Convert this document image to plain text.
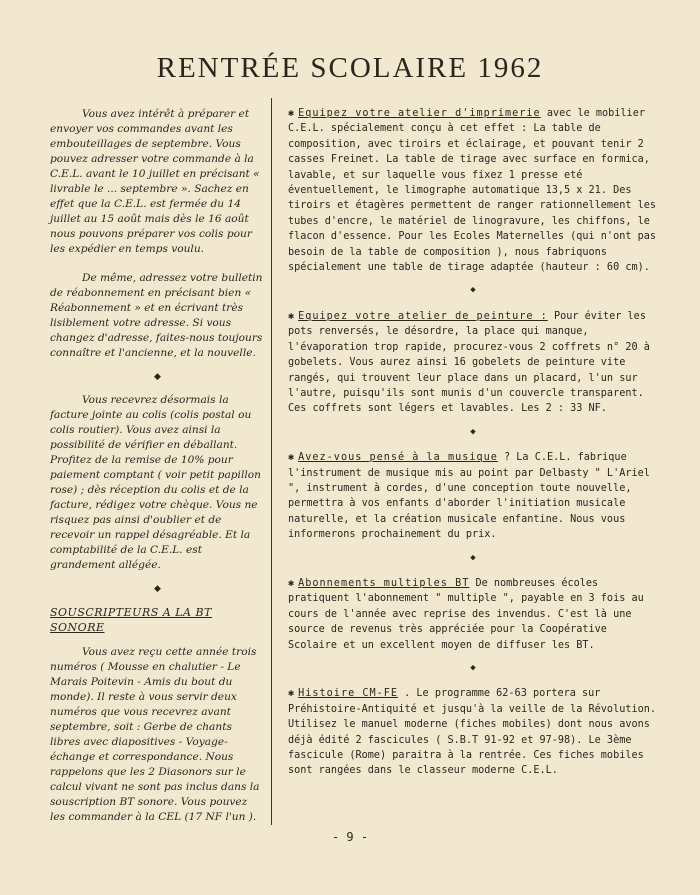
RENTRÉE SCOLAIRE 1962

Vous avez intérêt à préparer et envoyer vos commandes avant les embouteillages de septembre. Vous pouvez adresser votre commande à la C.E.L. avant le 10 juillet en précisant « livrable le ... septembre ». Sachez en effet que la C.E.L. est fermée du 14 juillet au 15 août mais dès le 16 août nous pouvons préparer vos colis pour les expédier en temps voulu.

De même, adressez votre bulletin de réabonnement en précisant bien « Réabonnement » et en écrivant très lisiblement votre adresse. Si vous changez d'adresse, faites-nous toujours connaître et l'ancienne, et la nouvelle.

◆

Vous recevrez désormais la facture jointe au colis (colis postal ou colis routier). Vous avez ainsi la possibilité de vérifier en déballant. Profitez de la remise de 10% pour paiement comptant ( voir petit papillon rose) ; dès réception du colis et de la facture, rédigez votre chèque. Vous ne risquez pas ainsi d'oublier et de recevoir un rappel désagréable. Et la comptabilité de la C.E.L. est grandement allégée.

◆
SOUSCRIPTEURS A LA BT SONORE

Vous avez reçu cette année trois numéros ( Mousse en chalutier - Le Marais Poitevin - Amis du bout du monde). Il reste à vous servir deux numéros que vous recevrez avant septembre, soit : Gerbe de chants libres avec diapositives - Voyage-échange et correspondance. Nous rappelons que les 2 Diasonors sur le calcul vivant ne sont pas inclus dans la souscription BT sonore. Vous pouvez les commander à la CEL (17 NF l'un ).

✱ Equipez votre atelier d'imprimerie avec le mobilier C.E.L. spécialement conçu à cet effet : La table de composition, avec tiroirs et éclairage, et pouvant tenir 2 casses Freinet. La table de tirage avec surface en formica, lavable, et sur laquelle vous fixez 1 presse eté éventuellement, le limographe automatique 13,5 x 21. Des tiroirs et étagères permettent de ranger rationnellement les tubes d'encre, le matériel de linogravure, les chiffons, le flacon d'essence. Pour les Ecoles Maternelles (qui n'ont pas besoin de la table de composition ), nous fabriquons spécialement une table de tirage adaptée (hauteur : 60 cm).
◆
✱ Equipez votre atelier de peinture : Pour éviter les pots renversés, le désordre, la place qui manque, l'évaporation trop rapide, procurez-vous 2 coffrets n° 20 à gobelets. Vous aurez ainsi 16 gobelets de peinture vite rangés, qui trouvent leur place dans un placard, l'un sur l'autre, puisqu'ils sont munis d'un couvercle transparent. Ces coffrets sont légers et lavables. Les 2 : 33 NF.
◆
✱ Avez-vous pensé à la musique ? La C.E.L. fabrique l'instrument de musique mis au point par Delbasty " L'Ariel ", instrument à cordes, d'une conception toute nouvelle, permettra à vos enfants d'aborder l'initiation musicale naturelle, et la création musicale enfantine. Nous vous informerons prochainement du prix.
◆
✱ Abonnements multiples BT De nombreuses écoles pratiquent l'abonnement " multiple ", payable en 3 fois au cours de l'année avec reprise des invendus. C'est là une source de revenus très appréciée pour la Coopérative Scolaire et un excellent moyen de diffuser les BT.
◆
✱ Histoire CM-FE . Le programme 62-63 portera sur Préhistoire-Antiquité et jusqu'à la veille de la Révolution. Utilisez le manuel moderne (fiches mobiles) dont nous avons déjà édité 2 fascicules ( S.B.T 91-92 et 97-98). Le 3ème fascicule (Rome) paraitra à la rentrée. Ces fiches mobiles sont rangées dans le classeur moderne C.E.L.
- 9 -
